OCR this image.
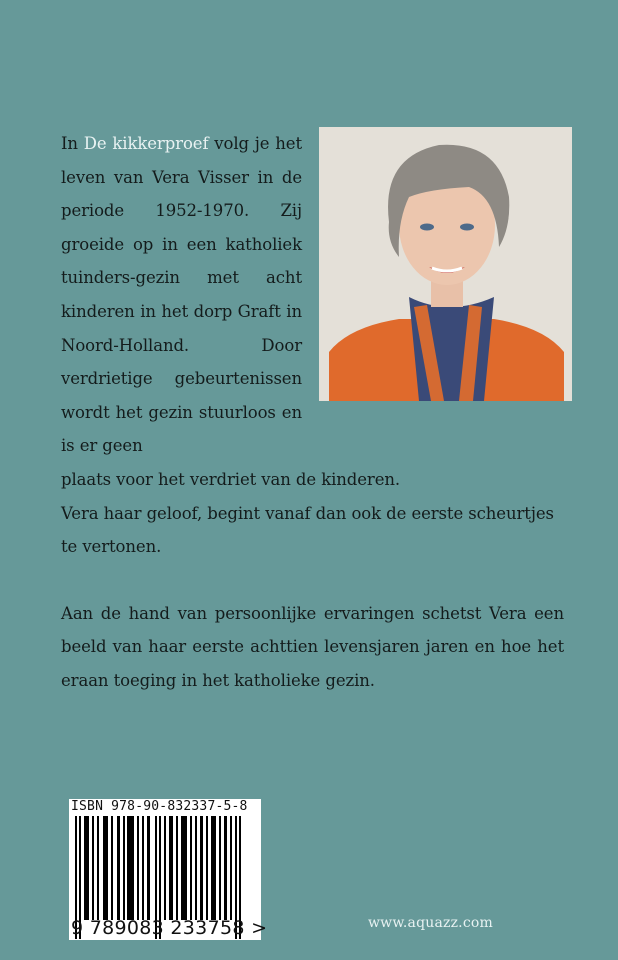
In De kikkerproef volg je het leven van Vera Visser in de periode 1952-1970. Zij groeide op in een katholiek tuinders-gezin met acht kinderen in het dorp Graft in Noord-Holland. Door verdrietige gebeurtenissen wordt het gezin stuurloos en is er geen
plaats voor het verdriet van de kinderen.
Vera haar geloof, begint vanaf dan ook de eerste scheurtjes te vertonen.

Aan de hand van persoonlijke ervaringen schetst Vera een beeld van haar eerste achttien levensjaren jaren en hoe het eraan toeging in het katholieke gezin.

ISBN 978-90-832337-5-8
9 789083 233758 >	www.aquazz.com
